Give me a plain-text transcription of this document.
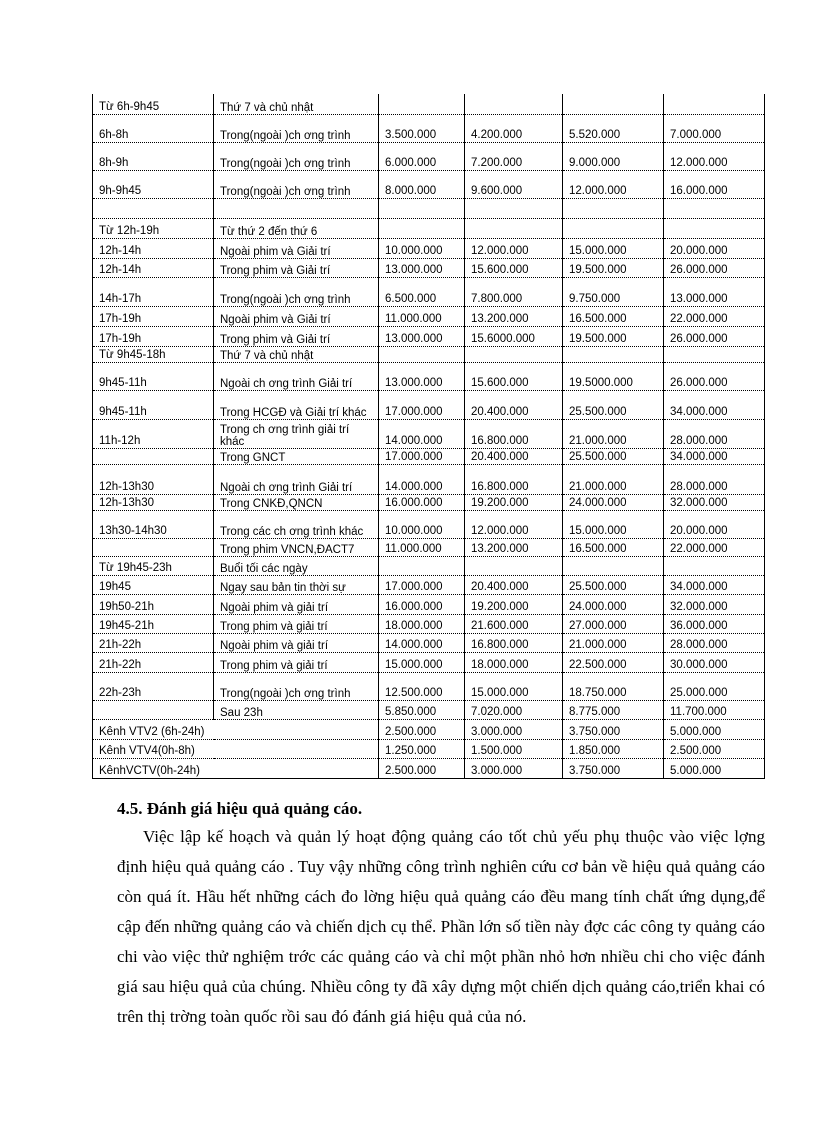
Từ 6h-9h45	Thứ 7 và chủ nhật				
6h-8h	Trong(ngoài )ch ơng trình	3.500.000	4.200.000	5.520.000	7.000.000
8h-9h	Trong(ngoài )ch ơng trình	6.000.000	7.200.000	9.000.000	12.000.000
9h-9h45	Trong(ngoài )ch ơng trình	8.000.000	9.600.000	12.000.000	16.000.000

Từ 12h-19h	Từ thứ 2 đến thứ 6				
12h-14h	Ngoài phim và Giải trí	10.000.000	12.000.000	15.000.000	20.000.000
12h-14h	Trong phim và Giải trí	13.000.000	15.600.000	19.500.000	26.000.000
14h-17h	Trong(ngoài )ch ơng trình	6.500.000	7.800.000	9.750.000	13.000.000
17h-19h	Ngoài phim và Giải trí	11.000.000	13.200.000	16.500.000	22.000.000
17h-19h	Trong phim và Giải trí	13.000.000	15.6000.000	19.500.000	26.000.000
Từ 9h45-18h	Thứ 7 và chủ nhật				
9h45-11h	Ngoài ch ơng trình Giải trí	13.000.000	15.600.000	19.5000.000	26.000.000
9h45-11h	Trong HCGĐ và Giải trí khác	17.000.000	20.400.000	25.500.000	34.000.000
11h-12h	Trong ch ơng trình giải trí khác	14.000.000	16.800.000	21.000.000	28.000.000
	Trong GNCT	17.000.000	20.400.000	25.500.000	34.000.000
12h-13h30	Ngoài ch ơng trình Giải trí	14.000.000	16.800.000	21.000.000	28.000.000
12h-13h30	Trong CNKĐ,QNCN	16.000.000	19.200.000	24.000.000	32.000.000
13h30-14h30	Trong các ch ơng trình khác	10.000.000	12.000.000	15.000.000	20.000.000
	Trong phim VNCN,ĐACT7	11.000.000	13.200.000	16.500.000	22.000.000
Từ 19h45-23h	Buổi tối các ngày				
19h45	Ngay sau bản tin thời sự	17.000.000	20.400.000	25.500.000	34.000.000
19h50-21h	Ngoài phim và giải trí	16.000.000	19.200.000	24.000.000	32.000.000
19h45-21h	Trong phim và giải trí	18.000.000	21.600.000	27.000.000	36.000.000
21h-22h	Ngoài phim và giải trí	14.000.000	16.800.000	21.000.000	28.000.000
21h-22h	Trong phim và giải trí	15.000.000	18.000.000	22.500.000	30.000.000
22h-23h	Trong(ngoài )ch ơng trình	12.500.000	15.000.000	18.750.000	25.000.000
	Sau 23h	5.850.000	7.020.000	8.775.000	11.700.000
Kênh VTV2 (6h-24h)		2.500.000	3.000.000	3.750.000	5.000.000
Kênh VTV4(0h-8h)		1.250.000	1.500.000	1.850.000	2.500.000
KênhVCTV(0h-24h)		2.500.000	3.000.000	3.750.000	5.000.000
4.5. Đánh giá hiệu quả quảng cáo.

Việc lập kế hoạch và quản lý hoạt động quảng cáo tốt chủ yếu phụ thuộc vào việc lợng định hiệu quả quảng cáo . Tuy vậy những công trình nghiên cứu cơ bản về hiệu quả quảng cáo còn quá ít. Hầu hết những cách đo lờng hiệu quả quảng cáo đều mang tính chất ứng dụng,để cập đến những quảng cáo và chiến dịch cụ thể. Phần lớn số tiền này đợc các công ty quảng cáo chi vào việc thử nghiệm trớc các quảng cáo và chỉ một phần nhỏ hơn nhiều chi cho việc đánh giá sau hiệu quả của chúng. Nhiều công ty đã xây dựng một chiến dịch quảng cáo,triển khai có trên thị trờng toàn quốc rồi sau đó đánh giá hiệu quả của nó.
